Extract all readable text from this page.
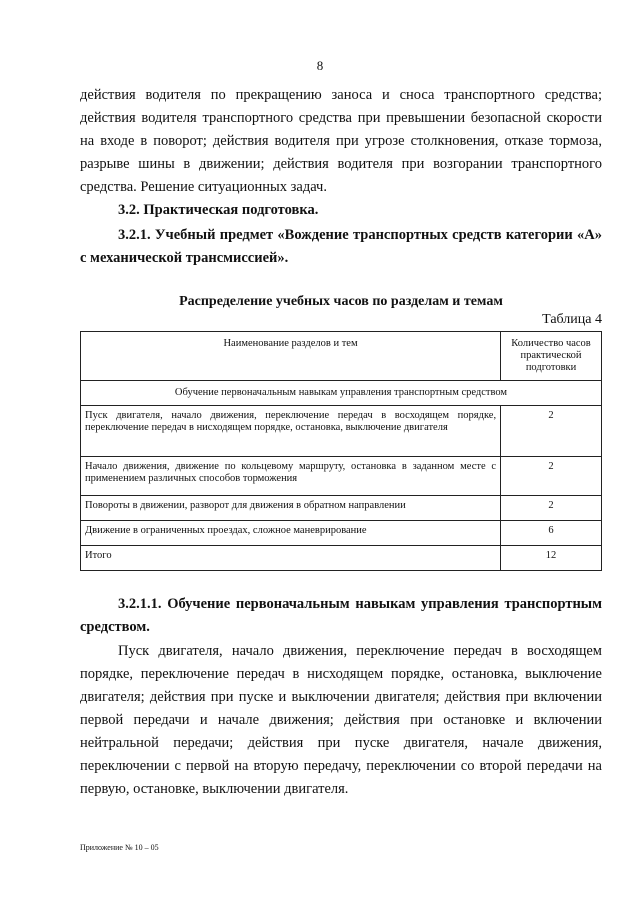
8
действия водителя по прекращению заноса и сноса транспортного средства; действия водителя транспортного средства при превышении безопасной скорости на входе в поворот; действия водителя при угрозе столкновения, отказе тормоза, разрыве шины в движении; действия водителя при возгорании транспортного средства. Решение ситуационных задач.
3.2. Практическая подготовка.
3.2.1. Учебный предмет «Вождение транспортных средств категории «А» с механической трансмиссией».
Распределение учебных часов по разделам и темам
Таблица 4
Наименование разделов и тем	Количество часов практической подготовки
Обучение первоначальным навыкам управления транспортным средством	
Пуск двигателя, начало движения, переключение передач в восходящем порядке, переключение передач в нисходящем порядке, остановка, выключение двигателя	2
Начало движения, движение по кольцевому маршруту, остановка в заданном месте с применением различных способов торможения	2
Повороты в движении, разворот для движения в обратном направлении	2
Движение в ограниченных проездах, сложное маневрирование	6
Итого	12
3.2.1.1. Обучение первоначальным навыкам управления транспортным средством.
Пуск двигателя, начало движения, переключение передач в восходящем порядке, переключение передач в нисходящем порядке, остановка, выключение двигателя; действия при пуске и выключении двигателя; действия при включении первой передачи и начале движения; действия при остановке и включении нейтральной передачи; действия при пуске двигателя, начале движения, переключении с первой на вторую передачу, переключении со второй передачи на первую, остановке, выключении двигателя.
Приложение № 10 – 05
